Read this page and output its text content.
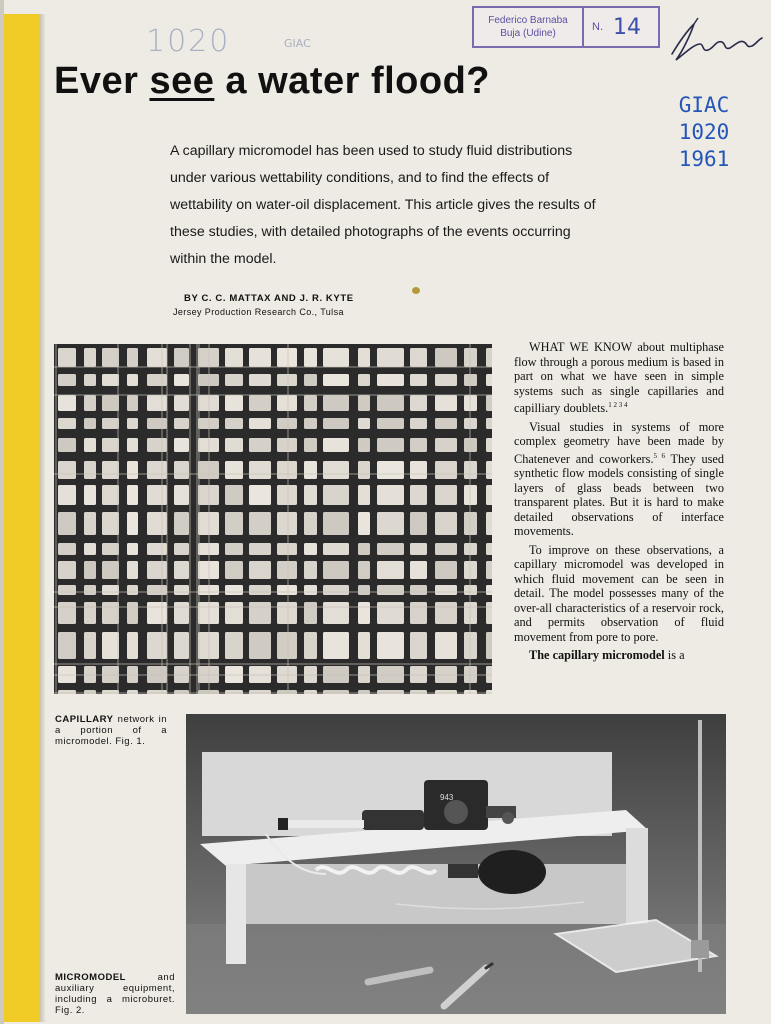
1020	GIAC
Federico Barnaba
Buja (Udine)
N. 14
GIAC
1020
1961
Ever see a water flood?
A capillary micromodel has been used to study fluid distributions under various wettability conditions, and to find the effects of wettability on water-oil displacement. This article gives the results of these studies, with detailed photographs of the events occurring within the model.
BY C. C. MATTAX AND J. R. KYTE
Jersey Production Research Co., Tulsa

WHAT WE KNOW about multiphase flow through a porous medium is based in part on what we have seen in simple systems such as single capillaries and capilliary doublets.$^{1 2 3 4}$

Visual studies in systems of more complex geometry have been made by Chatenever and coworkers.$^{5 6}$ They used synthetic flow models consisting of single layers of glass beads between two transparent plates. But it is hard to make detailed observations of interface movements.

To improve on these observations, a capillary micromodel was developed in which fluid movement can be seen in detail. The model possesses many of the over-all characteristics of a reservoir rock, and permits observation of fluid movement from pore to pore.

The capillary micromodel is a

CAPILLARY network in a portion of a micromodel. Fig. 1.
943
MICROMODEL and auxiliary equipment, including a microburet. Fig. 2.
